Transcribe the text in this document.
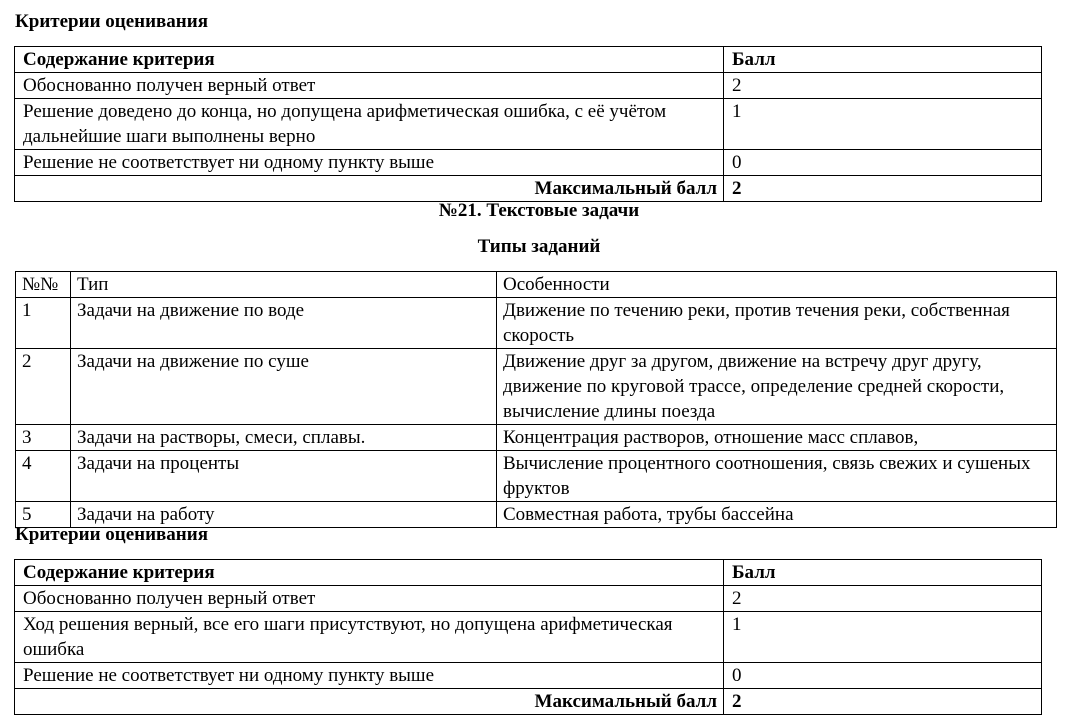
Критерии оценивания

Содержание критерия	Балл
Обоснованно получен верный ответ	2
Решение доведено до конца, но допущена арифметическая ошибка, с её учётом дальнейшие шаги выполнены верно	1
Решение не соответствует ни одному пункту выше	0
Максимальный балл	2

№21. Текстовые задачи

Типы заданий

№№	Тип	Особенности
1	Задачи на движение по воде	Движение по течению реки, против течения реки, собственная скорость
2	Задачи на движение по суше	Движение друг за другом, движение на встречу друг другу, движение по круговой трассе, определение средней скорости, вычисление длины поезда
3	Задачи на растворы, смеси, сплавы.	Концентрация растворов, отношение масс сплавов,
4	Задачи на проценты	Вычисление процентного соотношения, связь свежих и сушеных фруктов
5	Задачи на работу	Совместная работа, трубы бассейна

Критерии оценивания

Содержание критерия	Балл
Обоснованно получен верный ответ	2
Ход решения верный, все его шаги присутствуют, но допущена арифметическая ошибка	1
Решение не соответствует ни одному пункту выше	0
Максимальный балл	2
